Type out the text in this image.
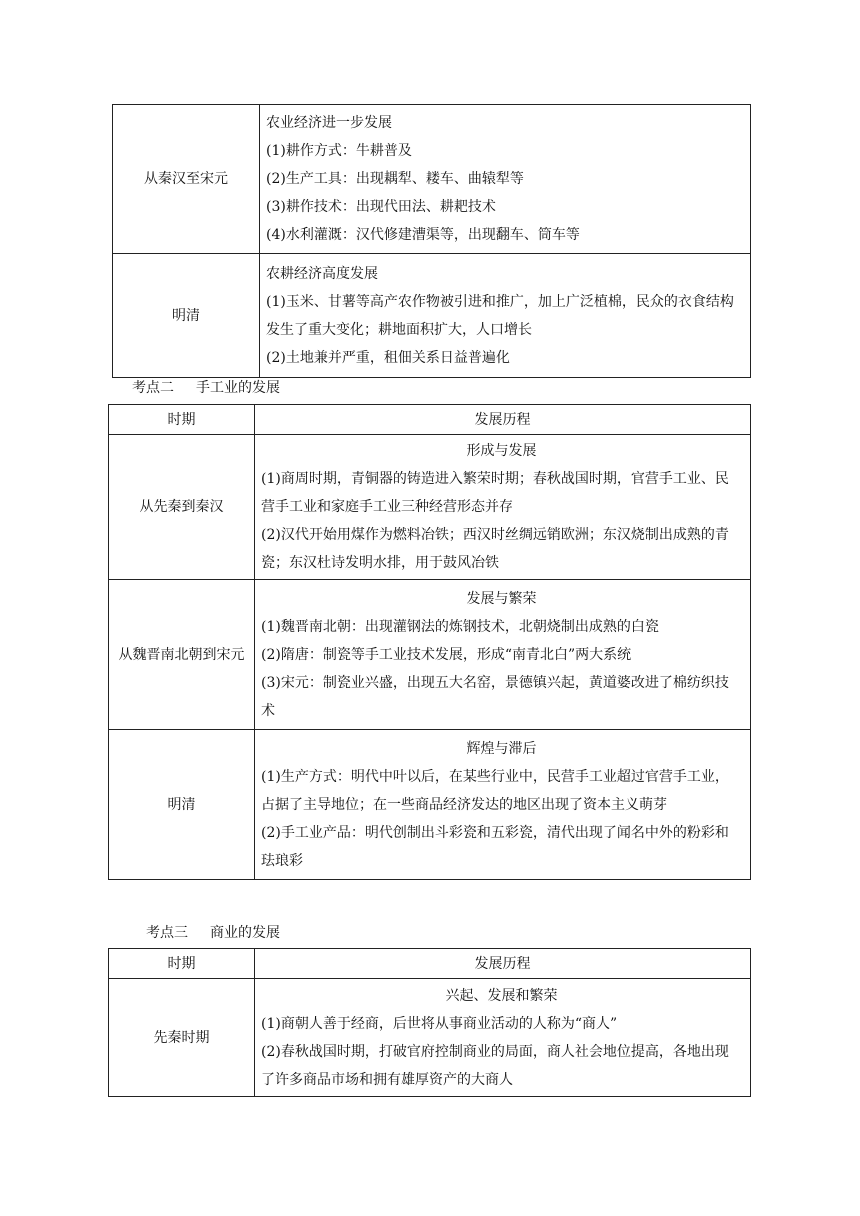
从秦汉至宋元	农业经济进一步发展
(1)耕作方式：牛耕普及
(2)生产工具：出现耦犁、耧车、曲辕犁等
(3)耕作技术：出现代田法、耕耙技术
(4)水利灌溉：汉代修建漕渠等，出现翻车、筒车等

明清	农耕经济高度发展
(1)玉米、甘薯等高产农作物被引进和推广，加上广泛植棉，民众的衣食结构发生了重大变化；耕地面积扩大，人口增长
(2)土地兼并严重，租佃关系日益普遍化
考点二 手工业的发展
时期	发展历程
从先秦到秦汉	形成与发展
(1)商周时期，青铜器的铸造进入繁荣时期；春秋战国时期，官营手工业、民营手工业和家庭手工业三种经营形态并存
(2)汉代开始用煤作为燃料冶铁；西汉时丝绸远销欧洲；东汉烧制出成熟的青瓷；东汉杜诗发明水排，用于鼓风冶铁

从魏晋南北朝到宋元	发展与繁荣
(1)魏晋南北朝：出现灌钢法的炼钢技术，北朝烧制出成熟的白瓷
(2)隋唐：制瓷等手工业技术发展，形成“南青北白”两大系统
(3)宋元：制瓷业兴盛，出现五大名窑，景德镇兴起，黄道婆改进了棉纺织技术

明清	辉煌与滞后
(1)生产方式：明代中叶以后，在某些行业中，民营手工业超过官营手工业，占据了主导地位；在一些商品经济发达的地区出现了资本主义萌芽
(2)手工业产品：明代创制出斗彩瓷和五彩瓷，清代出现了闻名中外的粉彩和珐琅彩
考点三 商业的发展
时期	发展历程
先秦时期	兴起、发展和繁荣
(1)商朝人善于经商，后世将从事商业活动的人称为“商人”
(2)春秋战国时期，打破官府控制商业的局面，商人社会地位提高，各地出现了许多商品市场和拥有雄厚资产的大商人
